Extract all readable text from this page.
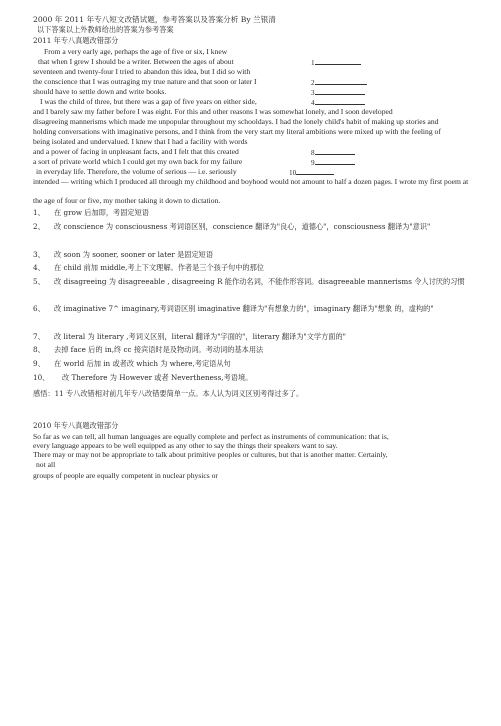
2000 年 2011 年专八短文改错试题，参考答案以及答案分析 By 兰银清
以下答案以上外教师给出的答案为参考答案
2011 年专八真题改错部分
From a very early age, perhaps the age of five or six, I knew
that when I grew I should be a writer. Between the ages of about	1
seventeen and twenty-four I tried to abandon this idea, but I did so with
the conscience that I was outraging my true nature and that soon or later I	2
should have to settle down and write books.	3
I was the child of three, but there was a gap of five years on either side,	4
and I barely saw my father before I was eight. For this and other reasons I was somewhat lonely, and I soon developed
disagreeing mannerisms which made me unpopular throughout my schooldays. I had the lonely child's habit of making up stories and
holding conversations with imaginative persons, and I think from the very start my literal ambitions were mixed up with the feeling of
being isolated and undervalued. I knew that I had a facility with words
and a power of facing in unpleasant facts, and I felt that this created	8
a sort of private world which I could get my own back for my failure	9
in everyday life. Therefore, the volume of serious — i.e. seriously	10
intended — writing which I produced all through my childhood and boyhood would not amount to half a dozen pages. I wrote my first poem at
the age of four or five, my mother taking it down to dictation.
1、 在 grow 后加即，考固定短语
2、 改 conscience 为 consciousness 考词语区别，conscience 翻译为"良心，道德心"，consciousness 翻译为"意识"
3、 改 soon 为 sooner, sooner or later 是固定短语
4、 在 child 前加 middle,考上下文理解。作者是三个孩子句中的那位
5、 改 disagreeing 为 disagreeable , disagreeing R 能作动名词，不能作形容词。disagreeable mannerisms 令人讨厌的习惯
6、 改 imaginative 7^ imaginary,考词语区别 imaginative 翻译为"有想象力的"，imaginary 翻译为"想象 的，虚构的"
7、 改 literal 为 literary ,考词义区别，literal 翻译为"字面的"，literary 翻译为"文学方面的"
8、 去掉 face 后的 in,终 cc 接宾语时是及物动词。考动词的基本用法
9、 在 world 后加 in 或者改 which 为 where,考定语从句
10、 改 Therefore 为 However 或者 Nevertheness,考语境。
感悟：11 专八改错相对前几年专八改错要简单一点。本人认为词义区别考得过多了。
2010 年专八真题改错部分
So far as we can tell, all human languages are equally complete and perfect as instruments of communication: that is,
every language appears to be well equipped as any other to say the things their speakers want to say.
There may or may not be appropriate to talk about primitive peoples or cultures, but that is another matter. Certainly,
not all
groups of people are equally competent in nuclear physics or
